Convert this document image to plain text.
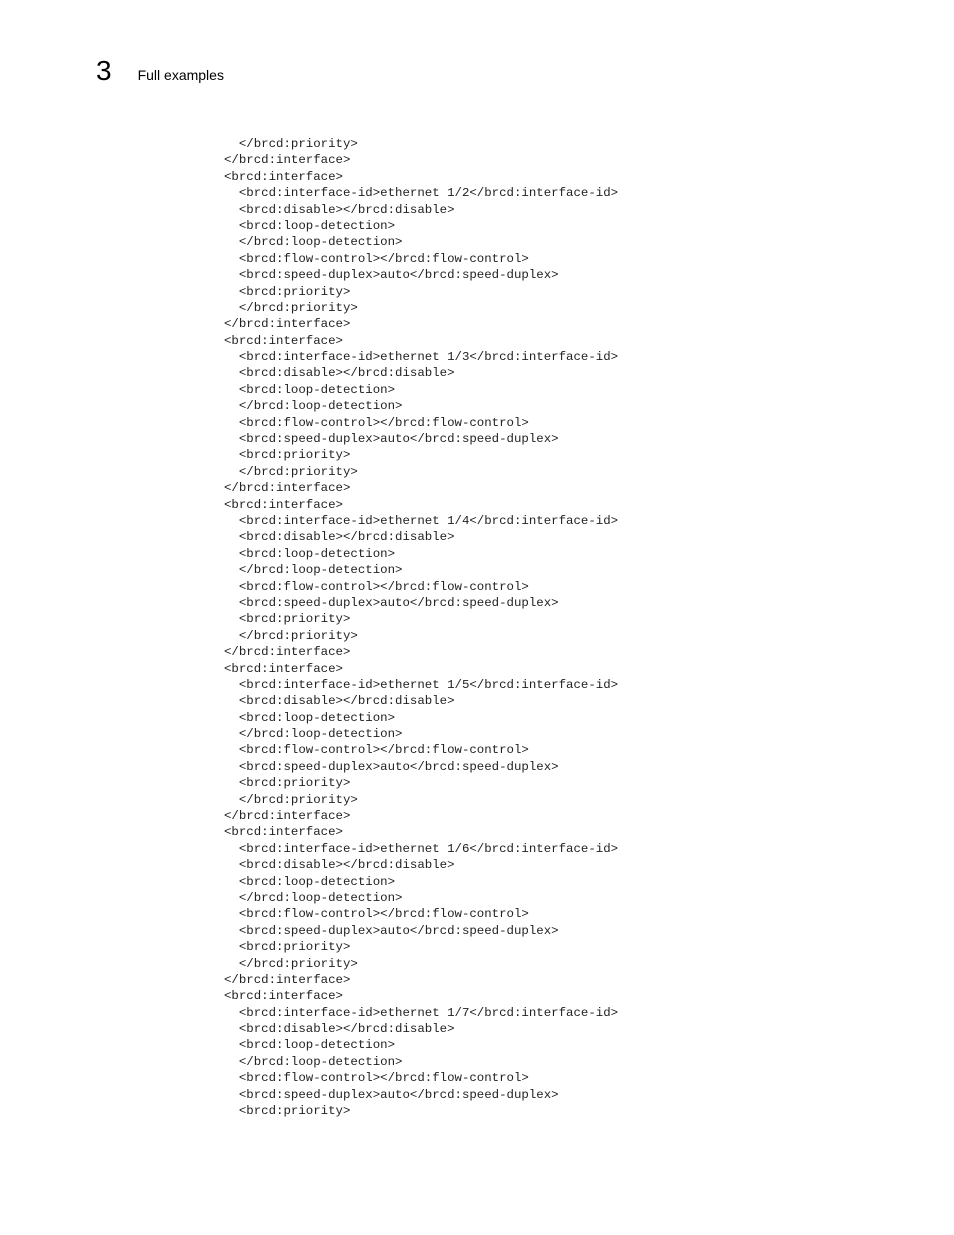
3 Full examples
</brcd:priority>
</brcd:interface>
<brcd:interface>
<brcd:interface-id>ethernet 1/2</brcd:interface-id>
<brcd:disable></brcd:disable>
<brcd:loop-detection>
</brcd:loop-detection>
<brcd:flow-control></brcd:flow-control>
<brcd:speed-duplex>auto</brcd:speed-duplex>
<brcd:priority>
</brcd:priority>
</brcd:interface>
<brcd:interface>
<brcd:interface-id>ethernet 1/3</brcd:interface-id>
<brcd:disable></brcd:disable>
<brcd:loop-detection>
</brcd:loop-detection>
<brcd:flow-control></brcd:flow-control>
<brcd:speed-duplex>auto</brcd:speed-duplex>
<brcd:priority>
</brcd:priority>
</brcd:interface>
<brcd:interface>
<brcd:interface-id>ethernet 1/4</brcd:interface-id>
<brcd:disable></brcd:disable>
<brcd:loop-detection>
</brcd:loop-detection>
<brcd:flow-control></brcd:flow-control>
<brcd:speed-duplex>auto</brcd:speed-duplex>
<brcd:priority>
</brcd:priority>
</brcd:interface>
<brcd:interface>
<brcd:interface-id>ethernet 1/5</brcd:interface-id>
<brcd:disable></brcd:disable>
<brcd:loop-detection>
</brcd:loop-detection>
<brcd:flow-control></brcd:flow-control>
<brcd:speed-duplex>auto</brcd:speed-duplex>
<brcd:priority>
</brcd:priority>
</brcd:interface>
<brcd:interface>
<brcd:interface-id>ethernet 1/6</brcd:interface-id>
<brcd:disable></brcd:disable>
<brcd:loop-detection>
</brcd:loop-detection>
<brcd:flow-control></brcd:flow-control>
<brcd:speed-duplex>auto</brcd:speed-duplex>
<brcd:priority>
</brcd:priority>
</brcd:interface>
<brcd:interface>
<brcd:interface-id>ethernet 1/7</brcd:interface-id>
<brcd:disable></brcd:disable>
<brcd:loop-detection>
</brcd:loop-detection>
<brcd:flow-control></brcd:flow-control>
<brcd:speed-duplex>auto</brcd:speed-duplex>
<brcd:priority>
